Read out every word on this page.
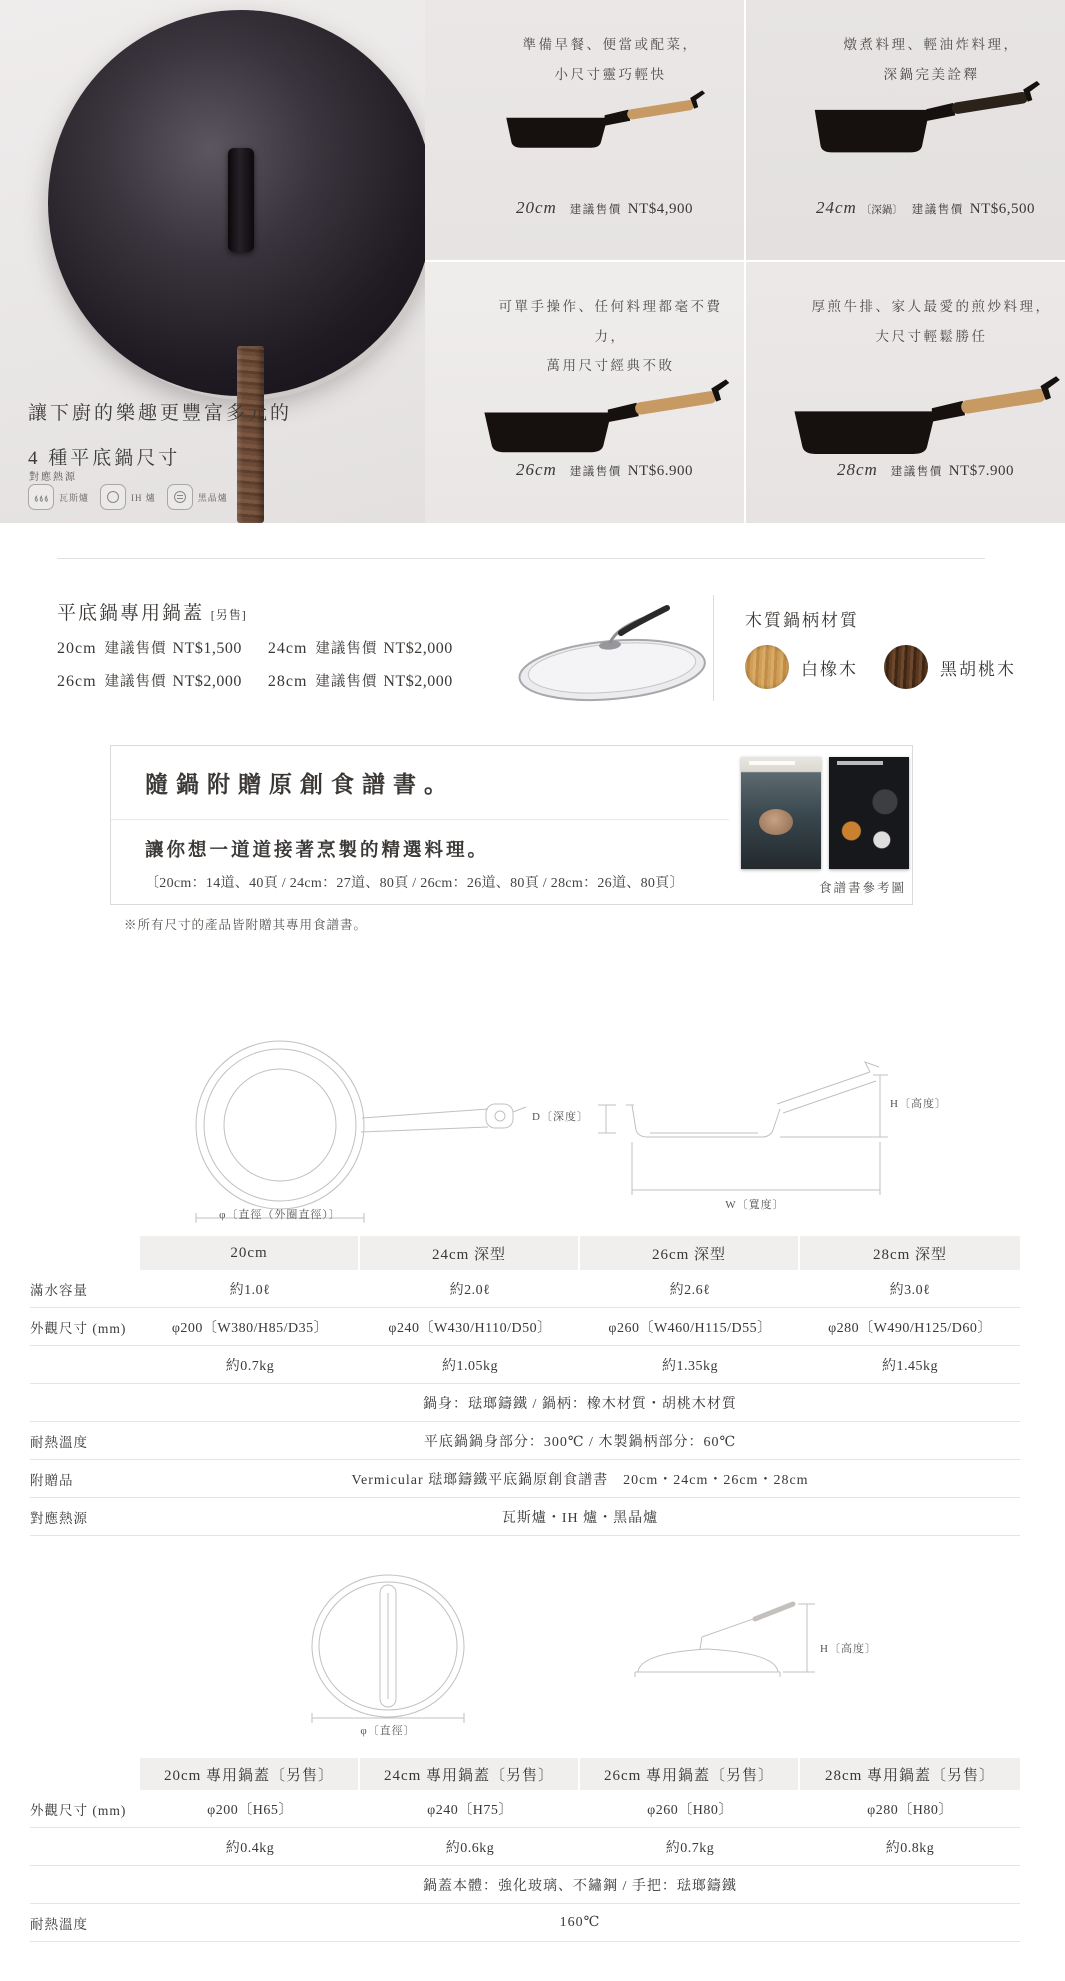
讓下廚的樂趣更豐富多元的
4 種平底鍋尺寸
對應熱源
瓦斯爐	IH 爐	黑晶爐
準備早餐、便當或配菜，
小尺寸靈巧輕快
20cm 建議售價 NT$4,900
燉煮料理、輕油炸料理，
深鍋完美詮釋
24cm 〔深鍋〕 建議售價 NT$6,500
可單手操作、任何料理都毫不費力，
萬用尺寸經典不敗
26cm 建議售價 NT$6.900
厚煎牛排、家人最愛的煎炒料理，
大尺寸輕鬆勝任
28cm 建議售價 NT$7.900
平底鍋專用鍋蓋 [另售]
20cm 建議售價 NT$1,500 24cm 建議售價 NT$2,000
26cm 建議售價 NT$2,000 28cm 建議售價 NT$2,000
木質鍋柄材質
白橡木	黑胡桃木
隨鍋附贈原創食譜書。
讓你想一道道接著烹製的精選料理。
〔20cm：14道、40頁 / 24cm：27道、80頁 / 26cm：26道、80頁 / 28cm：26道、80頁〕	食譜書參考圖
※所有尺寸的產品皆附贈其專用食譜書。
φ〔直徑（外圈直徑）〕
D〔深度〕
H〔高度〕
W〔寬度〕
20cm	24cm 深型	26cm 深型	28cm 深型
滿水容量	約1.0ℓ	約2.0ℓ	約2.6ℓ	約3.0ℓ
外觀尺寸 (mm)	φ200〔W380/H85/D35〕	φ240〔W430/H110/D50〕	φ260〔W460/H115/D55〕	φ280〔W490/H125/D60〕
約0.7kg	約1.05kg	約1.35kg	約1.45kg
鍋身：琺瑯鑄鐵 / 鍋柄：橡木材質・胡桃木材質
耐熱溫度	平底鍋鍋身部分：300℃ / 木製鍋柄部分：60℃
附贈品	Vermicular 琺瑯鑄鐵平底鍋原創食譜書　20cm・24cm・26cm・28cm
對應熱源	瓦斯爐・IH 爐・黑晶爐
φ〔直徑〕
H〔高度〕
20cm 專用鍋蓋〔另售〕	24cm 專用鍋蓋〔另售〕	26cm 專用鍋蓋〔另售〕	28cm 專用鍋蓋〔另售〕
外觀尺寸 (mm)	φ200〔H65〕	φ240〔H75〕	φ260〔H80〕	φ280〔H80〕
約0.4kg	約0.6kg	約0.7kg	約0.8kg
鍋蓋本體：強化玻璃、不鏽鋼 / 手把：琺瑯鑄鐵
耐熱溫度	160℃
